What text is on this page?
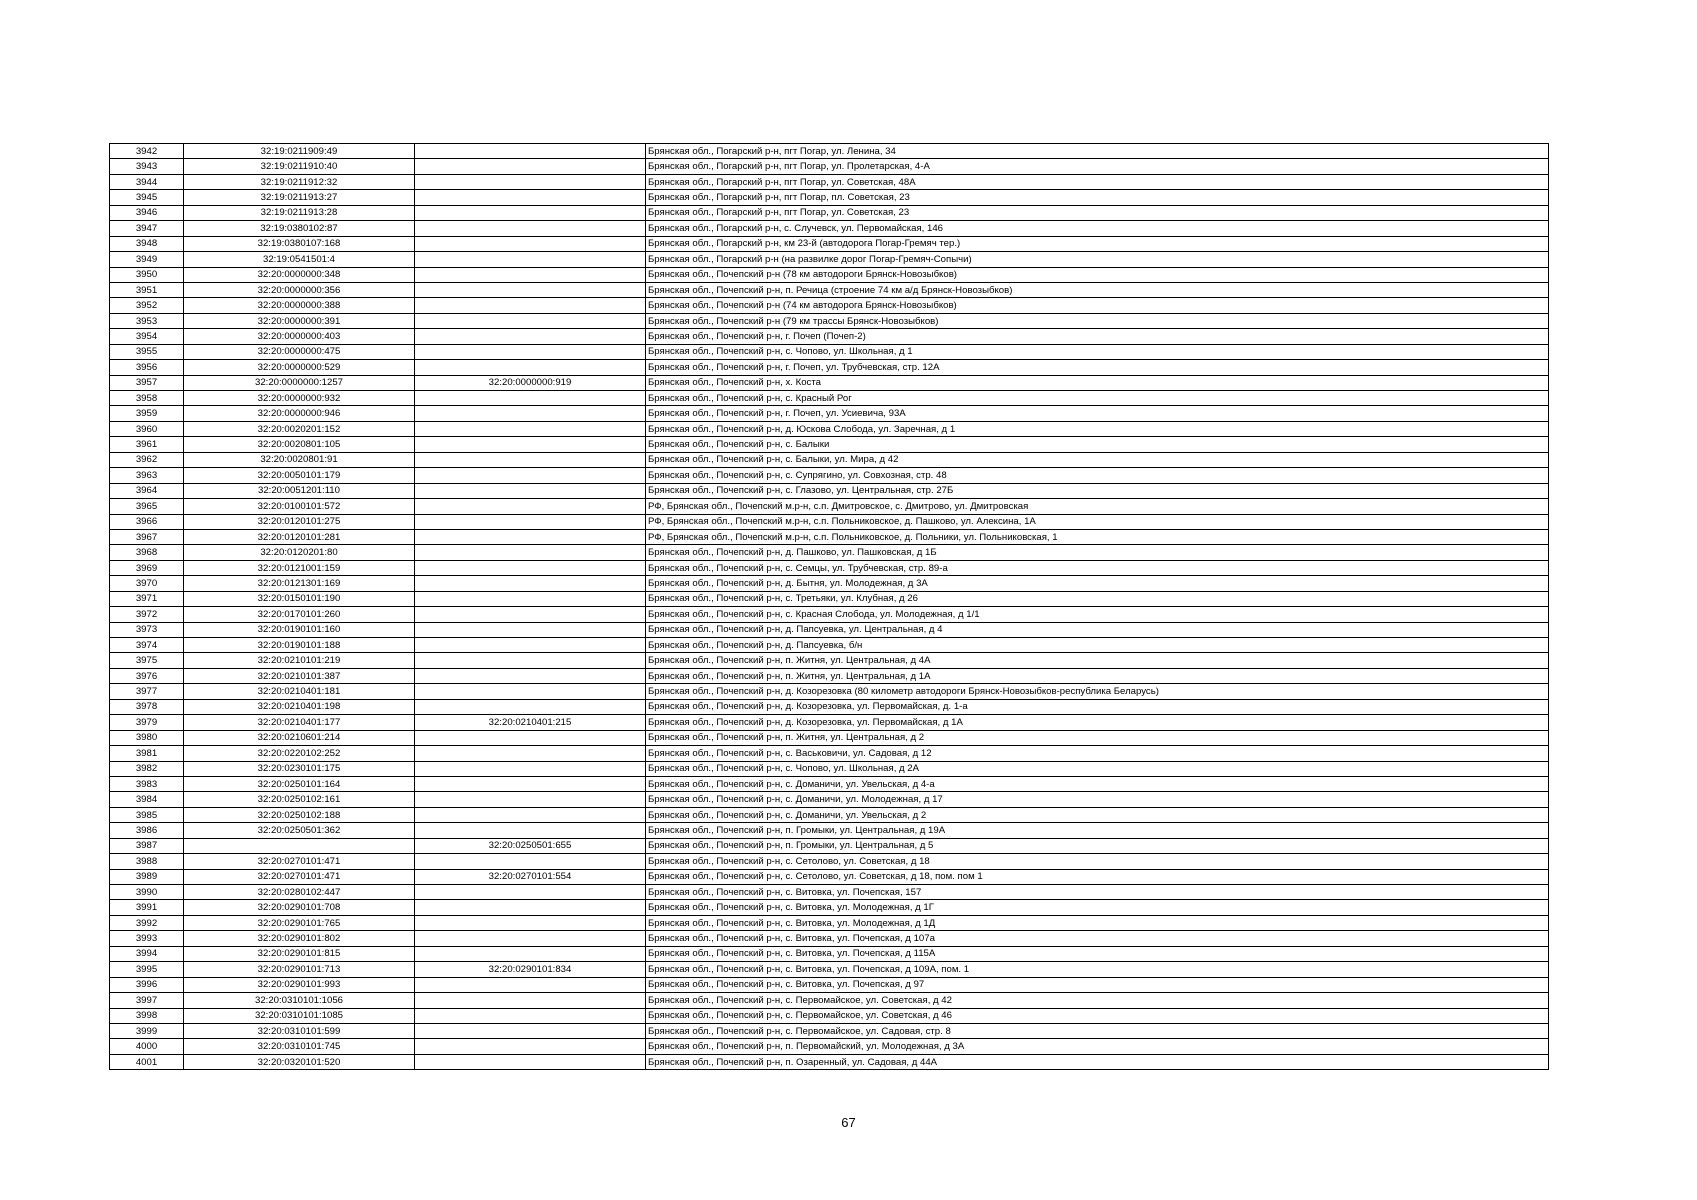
3942	32:19:0211909:49		Брянская обл., Погарский р-н, пгт Погар, ул. Ленина, 34
3943	32:19:0211910:40		Брянская обл., Погарский р-н, пгт Погар, ул. Пролетарская, 4-А
3944	32:19:0211912:32		Брянская обл., Погарский р-н, пгт Погар, ул. Советская, 48А
3945	32:19:0211913:27		Брянская обл., Погарский р-н, пгт Погар, пл. Советская, 23
3946	32:19:0211913:28		Брянская обл., Погарский р-н, пгт Погар, ул. Советская, 23
3947	32:19:0380102:87		Брянская обл., Погарский р-н, с. Случевск, ул. Первомайская, 146
3948	32:19:0380107:168		Брянская обл., Погарский р-н, км 23-й (автодорога Погар-Гремяч тер.)
3949	32:19:0541501:4		Брянская обл., Погарский р-н (на развилке дорог Погар-Гремяч-Сопычи)
3950	32:20:0000000:348		Брянская обл., Почепский р-н (78 км автодороги Брянск-Новозыбков)
3951	32:20:0000000:356		Брянская обл., Почепский р-н, п. Речица (строение 74 км а/д Брянск-Новозыбков)
3952	32:20:0000000:388		Брянская обл., Почепский р-н (74 км автодорога Брянск-Новозыбков)
3953	32:20:0000000:391		Брянская обл., Почепский р-н (79 км трассы Брянск-Новозыбков)
3954	32:20:0000000:403		Брянская обл., Почепский р-н, г. Почеп (Почеп-2)
3955	32:20:0000000:475		Брянская обл., Почепский р-н, с. Чопово, ул. Школьная, д 1
3956	32:20:0000000:529		Брянская обл., Почепский р-н, г. Почеп, ул. Трубчевская, стр. 12А
3957	32:20:0000000:1257	32:20:0000000:919	Брянская обл., Почепский р-н, х. Коста
3958	32:20:0000000:932		Брянская обл., Почепский р-н, с. Красный Рог
3959	32:20:0000000:946		Брянская обл., Почепский р-н, г. Почеп, ул. Усиевича, 93А
3960	32:20:0020201:152		Брянская обл., Почепский р-н, д. Юскова Слобода, ул. Заречная, д 1
3961	32:20:0020801:105		Брянская обл., Почепский р-н, с. Балыки
3962	32:20:0020801:91		Брянская обл., Почепский р-н, с. Балыки, ул. Мира, д 42
3963	32:20:0050101:179		Брянская обл., Почепский р-н, с. Супрягино, ул. Совхозная, стр. 48
3964	32:20:0051201:110		Брянская обл., Почепский р-н, с. Глазово, ул. Центральная, стр. 27Б
3965	32:20:0100101:572		РФ, Брянская обл., Почепский м.р-н, с.п. Дмитровское, с. Дмитрово, ул. Дмитровская
3966	32:20:0120101:275		РФ, Брянская обл., Почепский м.р-н, с.п. Польниковское, д. Пашково, ул. Алексина, 1А
3967	32:20:0120101:281		РФ, Брянская обл., Почепский м.р-н, с.п. Польниковское, д. Польники, ул. Польниковская, 1
3968	32:20:0120201:80		Брянская обл., Почепский р-н, д. Пашково, ул. Пашковская, д 1Б
3969	32:20:0121001:159		Брянская обл., Почепский р-н, с. Семцы, ул. Трубчевская, стр. 89-а
3970	32:20:0121301:169		Брянская обл., Почепский р-н, д. Бытня, ул. Молодежная, д 3А
3971	32:20:0150101:190		Брянская обл., Почепский р-н, с. Третьяки, ул. Клубная, д 26
3972	32:20:0170101:260		Брянская обл., Почепский р-н, с. Красная Слобода, ул. Молодежная, д 1/1
3973	32:20:0190101:160		Брянская обл., Почепский р-н, д. Папсуевка, ул. Центральная, д 4
3974	32:20:0190101:188		Брянская обл., Почепский р-н, д. Папсуевка, б/н
3975	32:20:0210101:219		Брянская обл., Почепский р-н, п. Житня, ул. Центральная, д 4А
3976	32:20:0210101:387		Брянская обл., Почепский р-н, п. Житня, ул. Центральная, д 1А
3977	32:20:0210401:181		Брянская обл., Почепский р-н, д. Козорезовка (80 километр автодороги Брянск-Новозыбков-республика Беларусь)
3978	32:20:0210401:198		Брянская обл., Почепский р-н, д. Козорезовка, ул. Первомайская, д. 1-а
3979	32:20:0210401:177	32:20:0210401:215	Брянская обл., Почепский р-н, д. Козорезовка, ул. Первомайская, д 1А
3980	32:20:0210601:214		Брянская обл., Почепский р-н, п. Житня, ул. Центральная, д 2
3981	32:20:0220102:252		Брянская обл., Почепский р-н, с. Васьковичи, ул. Садовая, д 12
3982	32:20:0230101:175		Брянская обл., Почепский р-н, с. Чопово, ул. Школьная, д 2А
3983	32:20:0250101:164		Брянская обл., Почепский р-н, с. Доманичи, ул. Увельская, д 4-а
3984	32:20:0250102:161		Брянская обл., Почепский р-н, с. Доманичи, ул. Молодежная, д 17
3985	32:20:0250102:188		Брянская обл., Почепский р-н, с. Доманичи, ул. Увельская, д 2
3986	32:20:0250501:362		Брянская обл., Почепский р-н, п. Громыки, ул. Центральная, д 19А
3987		32:20:0250501:655	Брянская обл., Почепский р-н, п. Громыки, ул. Центральная, д 5
3988	32:20:0270101:471		Брянская обл., Почепский р-н, с. Сетолово, ул. Советская, д 18
3989	32:20:0270101:471	32:20:0270101:554	Брянская обл., Почепский р-н, с. Сетолово, ул. Советская, д 18, пом. пом 1
3990	32:20:0280102:447		Брянская обл., Почепский р-н, с. Витовка, ул. Почепская, 157
3991	32:20:0290101:708		Брянская обл., Почепский р-н, с. Витовка, ул. Молодежная, д 1Г
3992	32:20:0290101:765		Брянская обл., Почепский р-н, с. Витовка, ул. Молодежная, д 1Д
3993	32:20:0290101:802		Брянская обл., Почепский р-н, с. Витовка, ул. Почепская, д 107а
3994	32:20:0290101:815		Брянская обл., Почепский р-н, с. Витовка, ул. Почепская, д 115А
3995	32:20:0290101:713	32:20:0290101:834	Брянская обл., Почепский р-н, с. Витовка, ул. Почепская, д 109А, пом. 1
3996	32:20:0290101:993		Брянская обл., Почепский р-н, с. Витовка, ул. Почепская, д 97
3997	32:20:0310101:1056		Брянская обл., Почепский р-н, с. Первомайское, ул. Советская, д 42
3998	32:20:0310101:1085		Брянская обл., Почепский р-н, с. Первомайское, ул. Советская, д 46
3999	32:20:0310101:599		Брянская обл., Почепский р-н, с. Первомайское, ул. Садовая, стр. 8
4000	32:20:0310101:745		Брянская обл., Почепский р-н, п. Первомайский, ул. Молодежная, д 3А
4001	32:20:0320101:520		Брянская обл., Почепский р-н, п. Озаренный, ул. Садовая, д 44А
67
